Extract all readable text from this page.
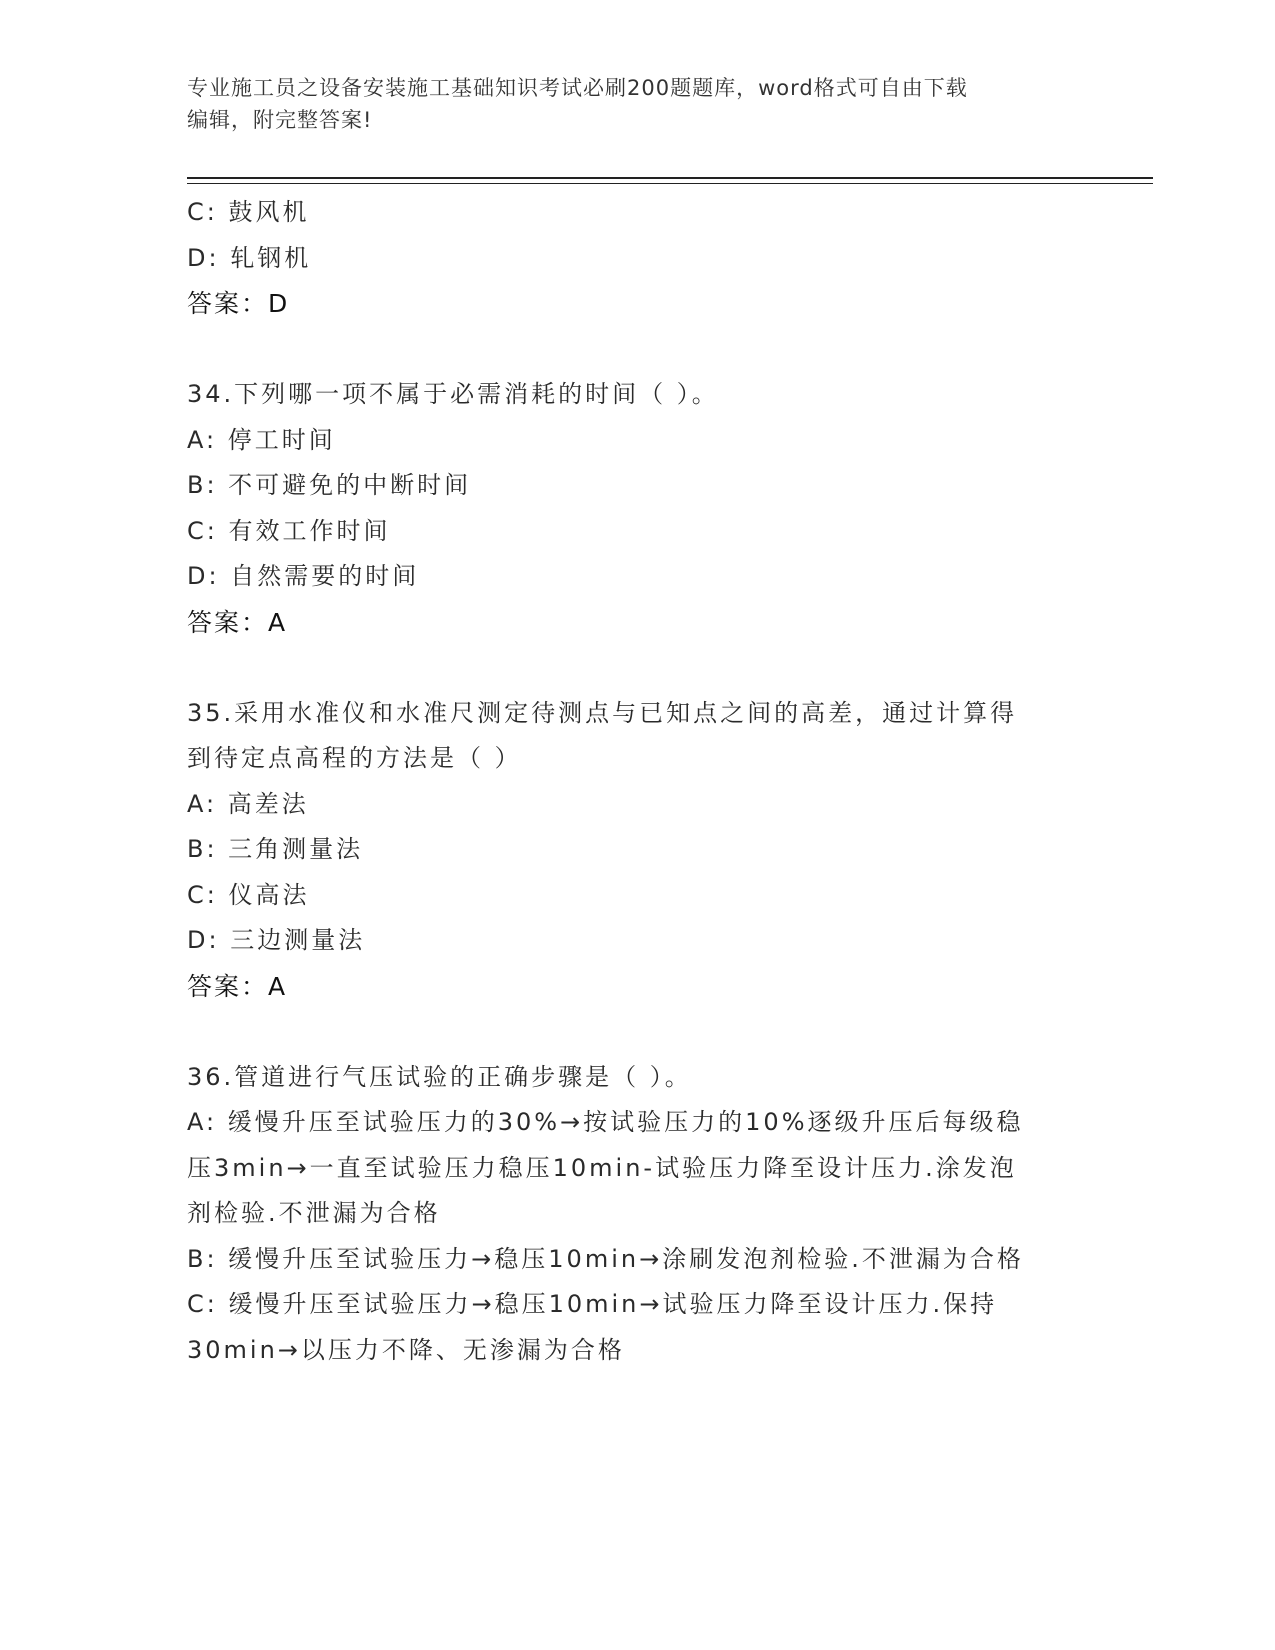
专业施工员之设备安装施工基础知识考试必刷200题题库，word格式可自由下载
编辑，附完整答案!
C: 鼓风机
D: 轧钢机
答案：D
34.下列哪一项不属于必需消耗的时间（ ）。
A: 停工时间
B: 不可避免的中断时间
C: 有效工作时间
D: 自然需要的时间
答案：A
35.采用水准仪和水准尺测定待测点与已知点之间的高差，通过计算得
到待定点高程的方法是（ ）
A: 高差法
B: 三角测量法
C: 仪高法
D: 三边测量法
答案：A
36.管道进行气压试验的正确步骤是（ ）。
A: 缓慢升压至试验压力的30%→按试验压力的10%逐级升压后每级稳
压3min→一直至试验压力稳压10min-试验压力降至设计压力.涂发泡
剂检验.不泄漏为合格
B: 缓慢升压至试验压力→稳压10min→涂刷发泡剂检验.不泄漏为合格
C: 缓慢升压至试验压力→稳压10min→试验压力降至设计压力.保持
30min→以压力不降、无渗漏为合格
